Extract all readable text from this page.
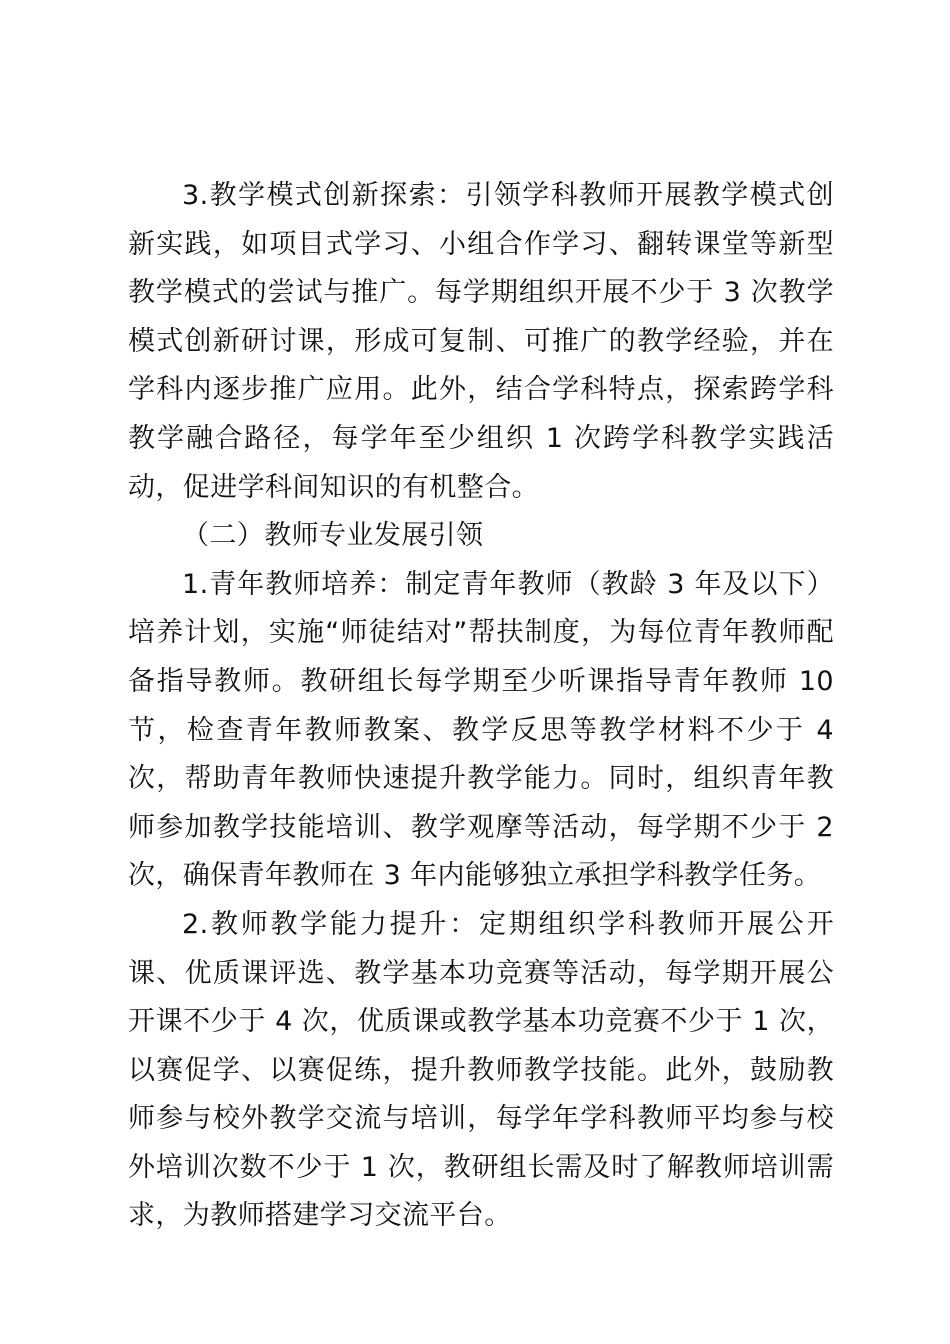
3.教学模式创新探索：引领学科教师开展教学模式创新实践，如项目式学习、小组合作学习、翻转课堂等新型教学模式的尝试与推广。每学期组织开展不少于 3 次教学模式创新研讨课，形成可复制、可推广的教学经验，并在学科内逐步推广应用。此外，结合学科特点，探索跨学科教学融合路径，每学年至少组织 1 次跨学科教学实践活动，促进学科间知识的有机整合。

（二）教师专业发展引领

1.青年教师培养：制定青年教师（教龄 3 年及以下）培养计划，实施“师徒结对”帮扶制度，为每位青年教师配备指导教师。教研组长每学期至少听课指导青年教师 10 节，检查青年教师教案、教学反思等教学材料不少于 4 次，帮助青年教师快速提升教学能力。同时，组织青年教师参加教学技能培训、教学观摩等活动，每学期不少于 2 次，确保青年教师在 3 年内能够独立承担学科教学任务。

2.教师教学能力提升：定期组织学科教师开展公开课、优质课评选、教学基本功竞赛等活动，每学期开展公开课不少于 4 次，优质课或教学基本功竞赛不少于 1 次，以赛促学、以赛促练，提升教师教学技能。此外，鼓励教师参与校外教学交流与培训，每学年学科教师平均参与校外培训次数不少于 1 次，教研组长需及时了解教师培训需求，为教师搭建学习交流平台。
